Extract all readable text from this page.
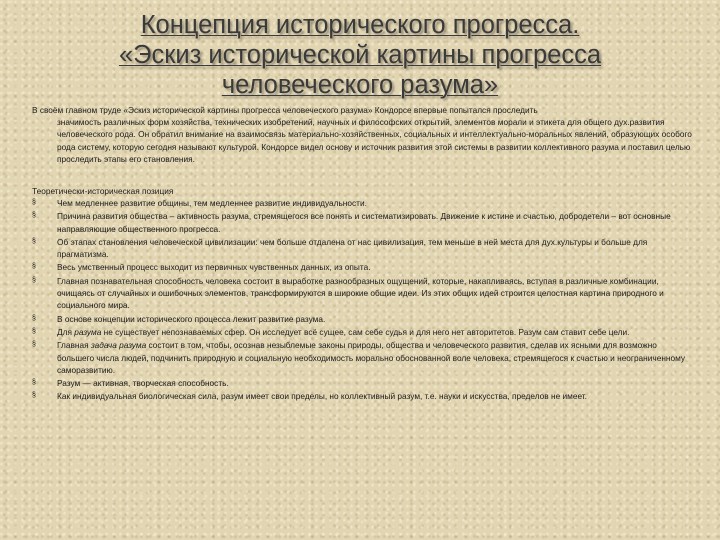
Концепция исторического прогресса.
«Эскиз исторической картины прогресса
человеческого разума»
В своём главном труде «Эскиз исторической картины прогресса человеческого разума» Кондорсе впервые попытался проследить
значимость различных форм хозяйства, технических изобретений, научных и философских открытий, элементов морали и этикета для общего дух.развития человеческого рода. Он обратил внимание на взаимосвязь материально-хозяйственных, социальных и интеллектуально-моральных явлений, образующих особого рода систему, которую сегодня называют культурой. Кондорсе видел основу и источник развития этой системы в развитии коллективного разума и поставил целью проследить этапы его становления.
Теоретически-историческая позиция
§	Чем медленнее развитие общины, тем медленнее развитие индивидуальности.
§	Причина развития общества – активность разума, стремящегося все понять и систематизировать. Движение к истине и счастью, добродетели – вот основные направляющие общественного прогресса.
§	Об этапах становления человеческой цивилизации: чем больше отдалена от нас цивилизация, тем меньше в ней места для дух.культуры и больше для прагматизма.
§	Весь умственный процесс выходит из первичных чувственных данных, из опыта.
§	Главная познавательная способность человека состоит в выработке разнообразных ощущений, которые, накапливаясь, вступая в различные комбинации, очищаясь от случайных и ошибочных элементов, трансформируются в широкие общие идеи. Из этих общих идей строится целостная картина природного и социального мира.
§	В основе концепции исторического процесса лежит развитие разума.
§	Для разума не существует непознаваемых сфер. Он исследует всё сущее, сам себе судья и для него нет авторитетов. Разум сам ставит себе цели.
§	Главная задача разума состоит в том, чтобы, осознав незыблемые законы природы, общества и человеческого развития, сделав их ясными для возможно большего числа людей, подчинить природную и социальную необходимость морально обоснованной воле человека, стремящегося к счастью и неограниченному саморазвитию.
§	Разум — активная, творческая способность.
§	Как индивидуальная биологическая сила, разум имеет свои пределы, но коллективный разум, т.е. науки и искусства, пределов не имеет.
